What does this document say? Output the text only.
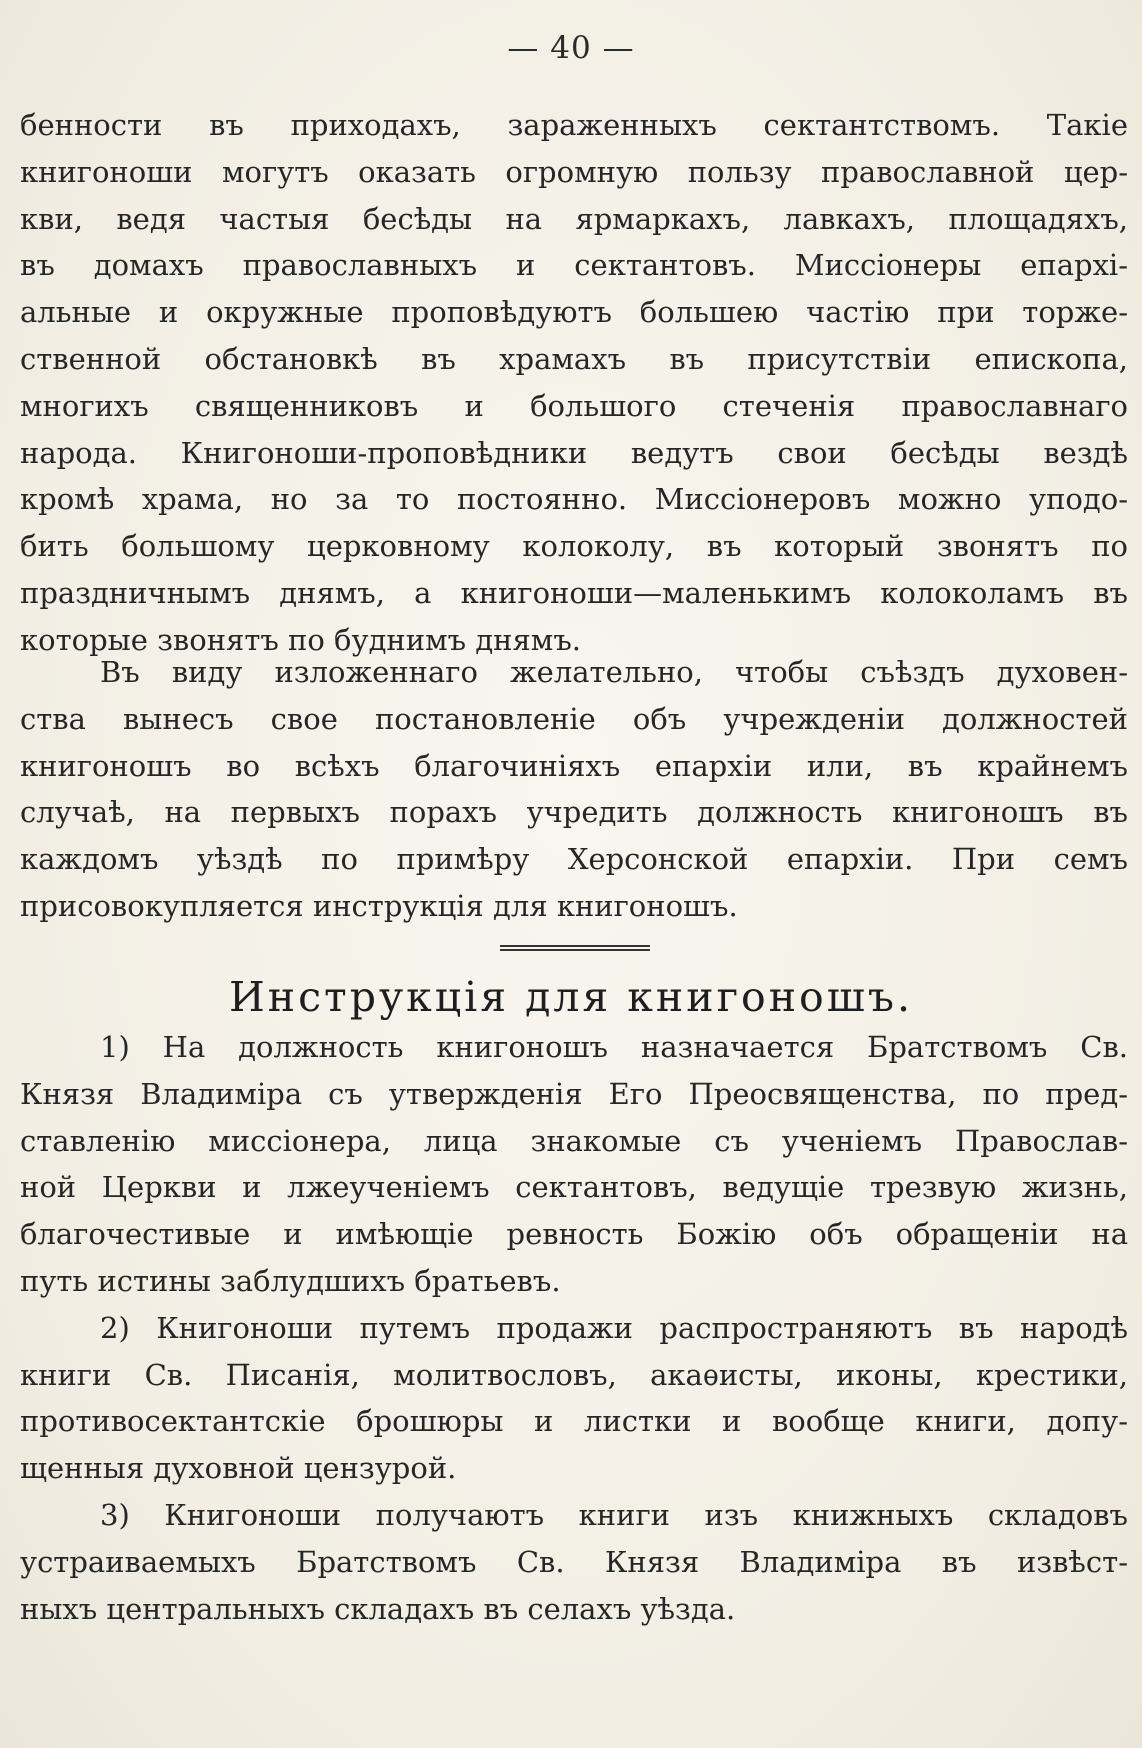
— 40 —
бенности въ приходахъ, зараженныхъ сектантствомъ. Такіе
книгоноши могутъ оказать огромную пользу православной цер-
кви, ведя частыя бесѣды на ярмаркахъ, лавкахъ, площадяхъ,
въ домахъ православныхъ и сектантовъ. Миссіонеры епархі-
альные и окружные проповѣдуютъ большею частію при торже-
ственной обстановкѣ въ храмахъ въ присутствіи епископа,
многихъ священниковъ и большого стеченія православнаго
народа. Книгоноши-проповѣдники ведутъ свои бесѣды вездѣ
кромѣ храма, но за то постоянно. Миссіонеровъ можно уподо-
бить большому церковному колоколу, въ который звонятъ по
праздничнымъ днямъ, а книгоноши—маленькимъ колоколамъ въ
которые звонятъ по буднимъ днямъ.
Въ виду изложеннаго желательно, чтобы съѣздъ духовен-
ства вынесъ свое постановленіе объ учрежденіи должностей
книгоношъ во всѣхъ благочиніяхъ епархіи или, въ крайнемъ
случаѣ, на первыхъ порахъ учредить должность книгоношъ въ
каждомъ уѣздѣ по примѣру Херсонской епархіи. При семъ
присовокупляется инструкція для книгоношъ.
Инструкція для книгоношъ.
1) На должность книгоношъ назначается Братствомъ Св.
Князя Владиміра съ утвержденія Его Преосвященства, по пред-
ставленію миссіонера, лица знакомые съ ученіемъ Православ-
ной Церкви и лжеученіемъ сектантовъ, ведущіе трезвую жизнь,
благочестивые и имѣющіе ревность Божію объ обращеніи на
путь истины заблудшихъ братьевъ.
2) Книгоноши путемъ продажи распространяютъ въ народѣ
книги Св. Писанія, молитвословъ, акаѳисты, иконы, крестики,
противосектантскіе брошюры и листки и вообще книги, допу-
щенныя духовной цензурой.
3) Книгоноши получаютъ книги изъ книжныхъ складовъ
устраиваемыхъ Братствомъ Св. Князя Владиміра въ извѣст-
ныхъ центральныхъ складахъ въ селахъ уѣзда.
